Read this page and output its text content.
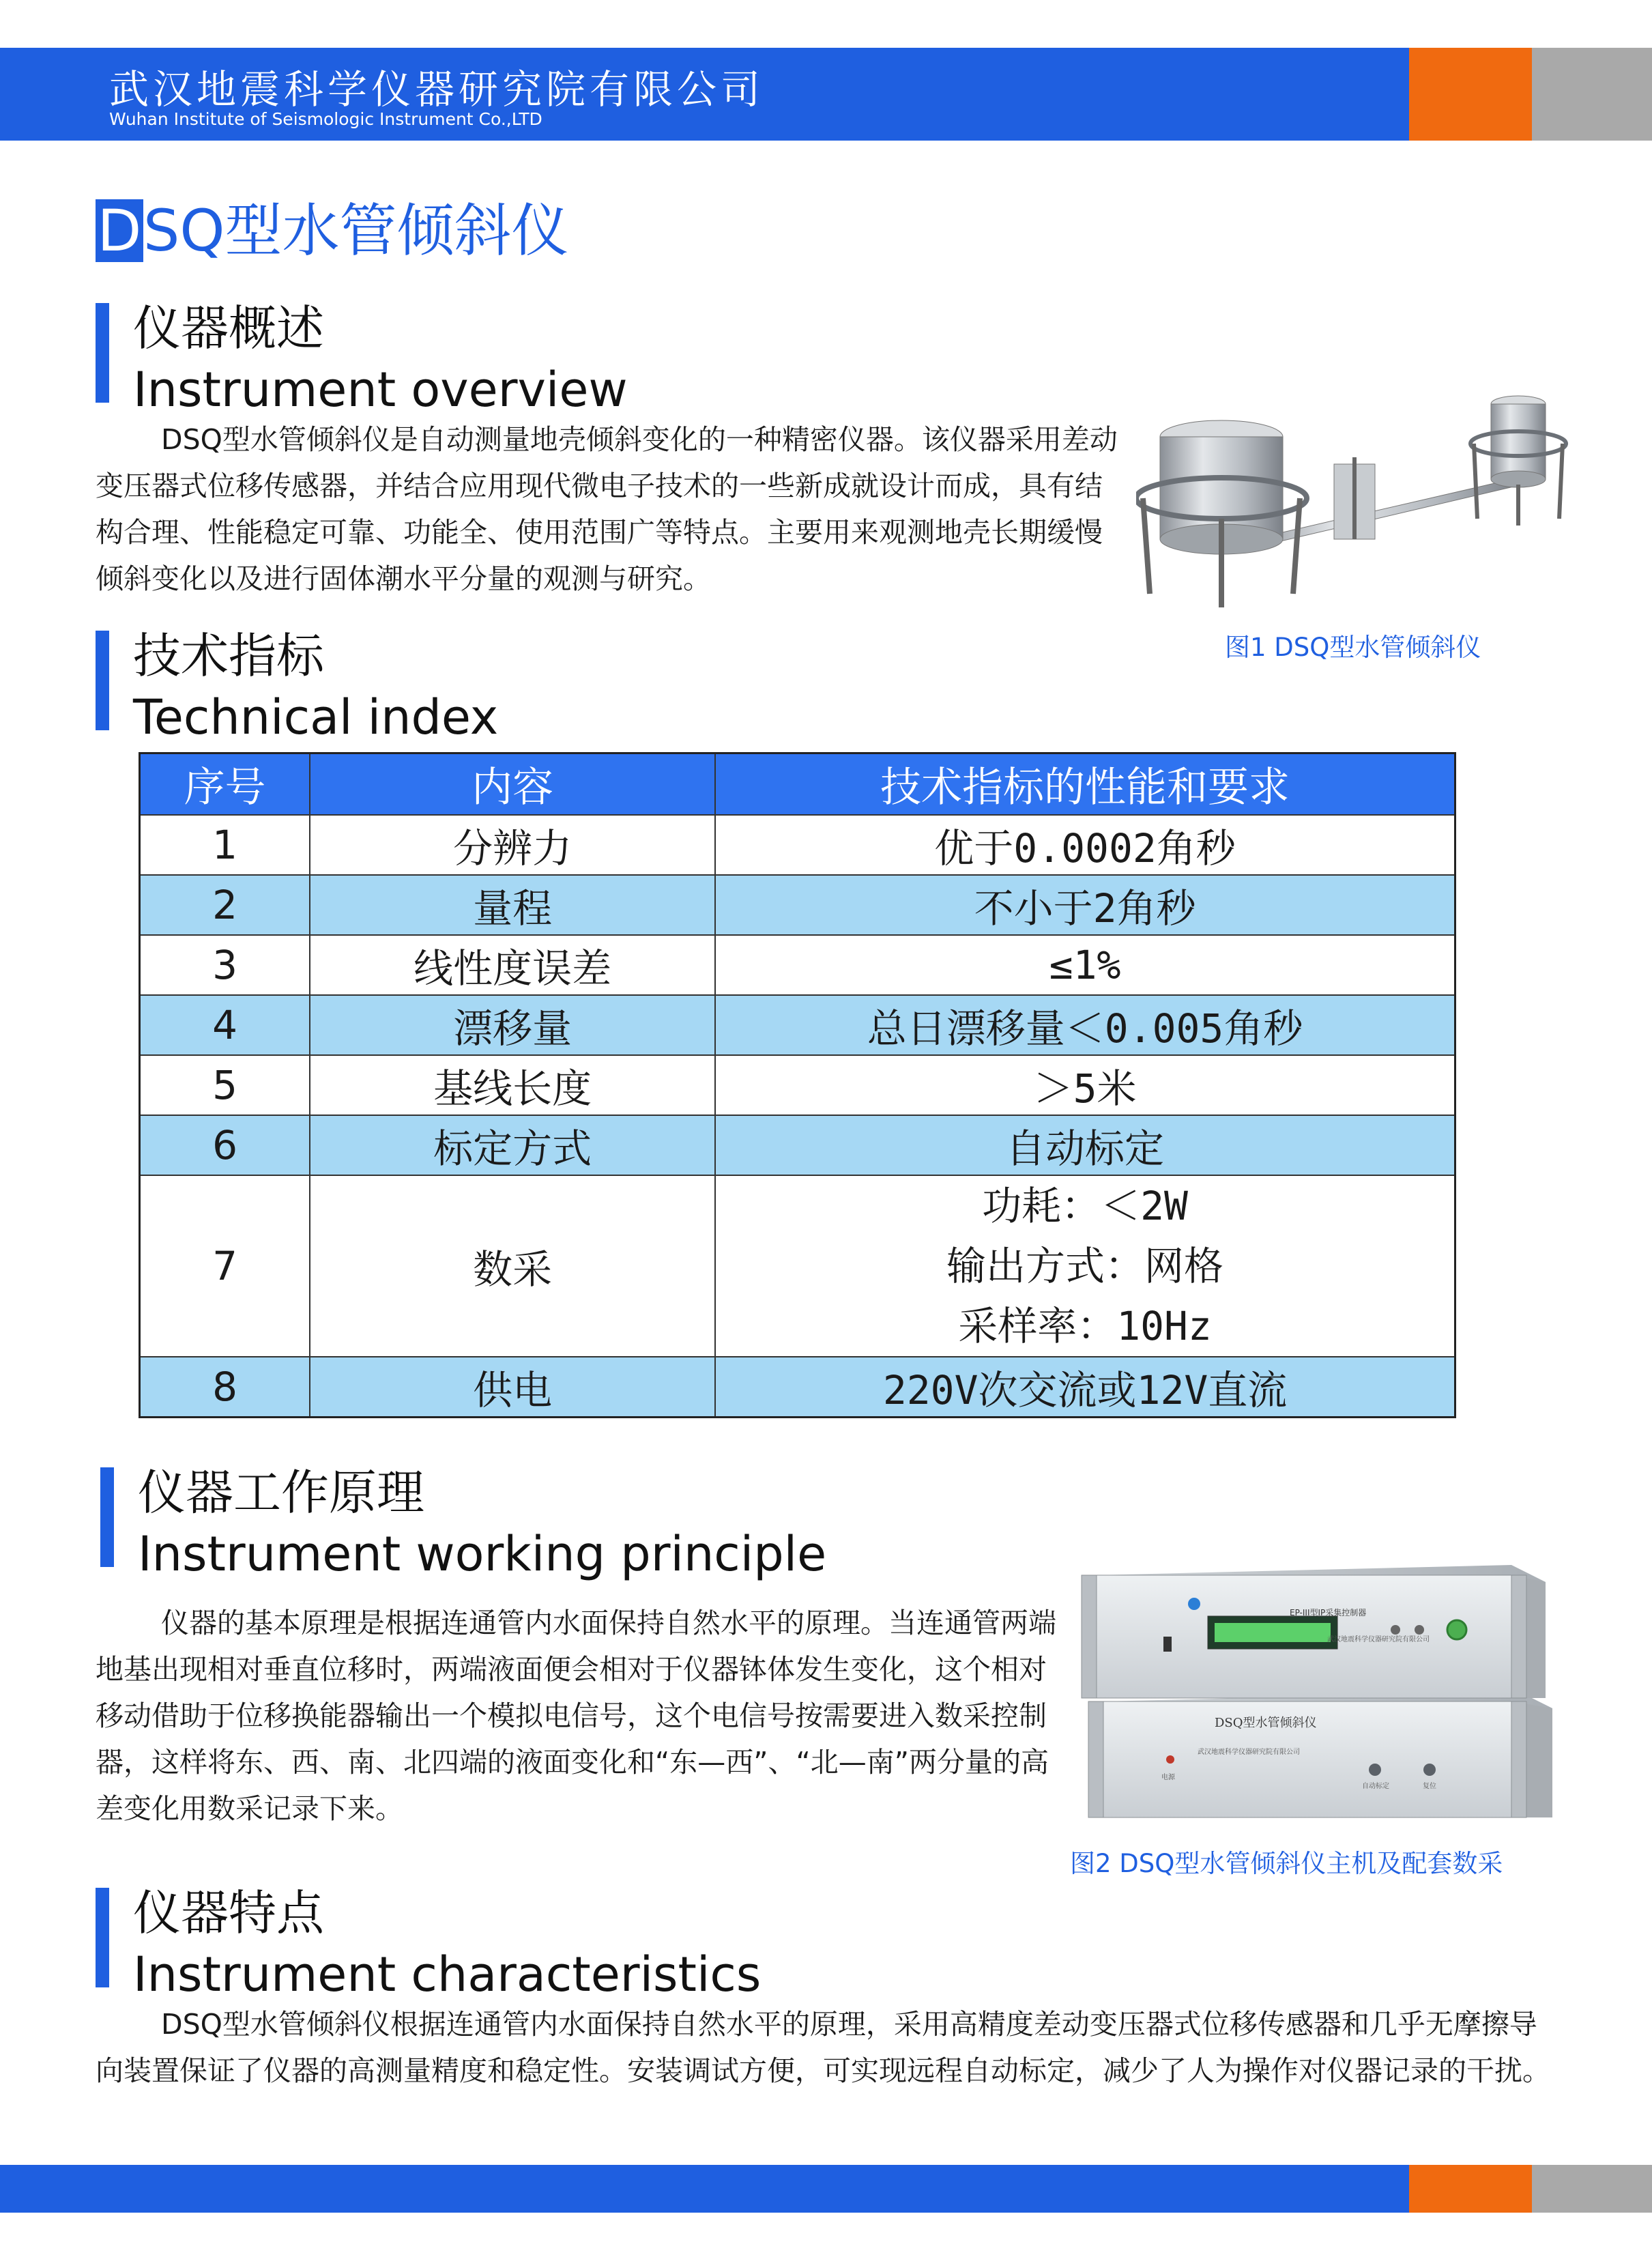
武汉地震科学仪器研究院有限公司
Wuhan Institute of Seismologic Instrument Co.,LTD
D SQ型水管倾斜仪
仪器概述
Instrument overview
DSQ型水管倾斜仪是自动测量地壳倾斜变化的一种精密仪器。该仪器采用差动变压器式位移传感器，并结合应用现代微电子技术的一些新成就设计而成，具有结构合理、性能稳定可靠、功能全、使用范围广等特点。主要用来观测地壳长期缓慢倾斜变化以及进行固体潮水平分量的观测与研究。
图1 DSQ型水管倾斜仪
技术指标
Technical index
序号	内容	技术指标的性能和要求
1	分辨力	优于0.0002角秒
2	量程	不小于2角秒
3	线性度误差	≤1%
4	漂移量	总日漂移量＜0.005角秒
5	基线长度	＞5米
6	标定方式	自动标定
7	数采	功耗：＜2W
输出方式：网格
采样率：10Hz

8	供电	220V次交流或12V直流
仪器工作原理
Instrument working principle
仪器的基本原理是根据连通管内水面保持自然水平的原理。当连通管两端地基出现相对垂直位移时，两端液面便会相对于仪器钵体发生变化，这个相对移动借助于位移换能器输出一个模拟电信号，这个电信号按需要进入数采控制器，这样将东、西、南、北四端的液面变化和“东—西”、“北—南”两分量的高差变化用数采记录下来。
EP-III型IP采集控制器
武汉地震科学仪器研究院有限公司
DSQ型水管倾斜仪
武汉地震科学仪器研究院有限公司
电源
自动标定	复位
图2 DSQ型水管倾斜仪主机及配套数采
仪器特点
Instrument characteristics
DSQ型水管倾斜仪根据连通管内水面保持自然水平的原理，采用高精度差动变压器式位移传感器和几乎无摩擦导向装置保证了仪器的高测量精度和稳定性。安装调试方便，可实现远程自动标定，减少了人为操作对仪器记录的干扰。
